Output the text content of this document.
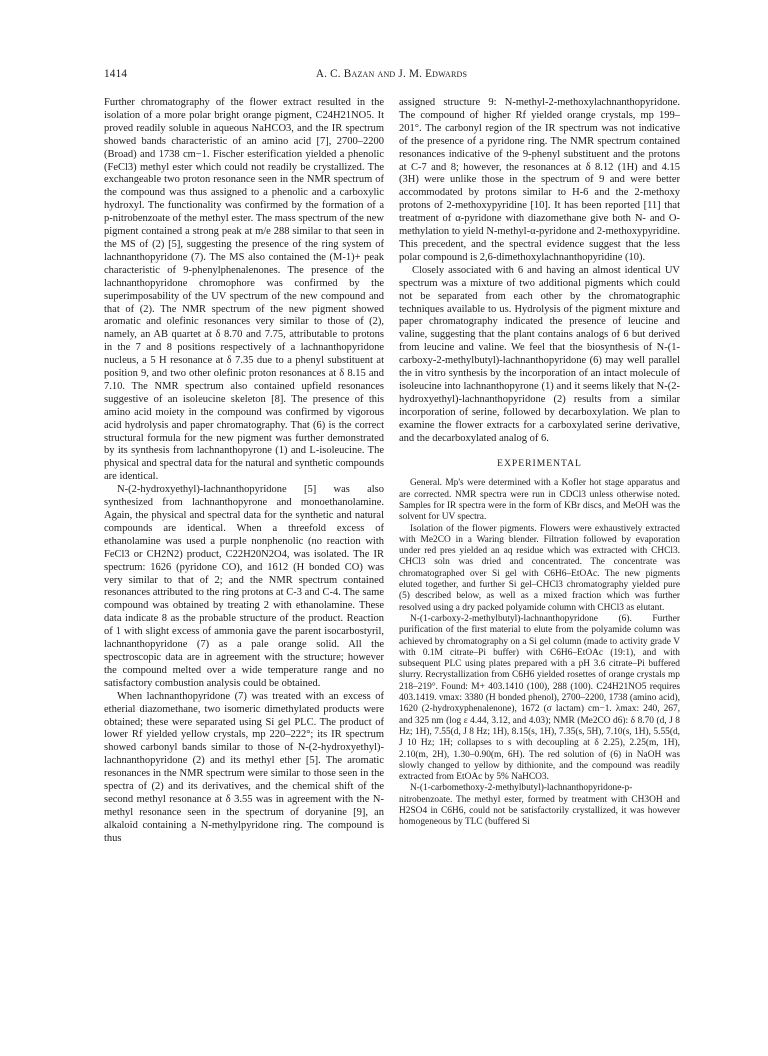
1414	A. C. Bazan and J. M. Edwards

Further chromatography of the flower extract resulted in the isolation of a more polar bright orange pigment, C24H21NO5. It proved readily soluble in aqueous NaHCO3, and the IR spectrum showed bands characteristic of an amino acid [7], 2700–2200 (Broad) and 1738 cm−1. Fischer esterification yielded a phenolic (FeCl3) methyl ester which could not readily be crystallized. The exchangeable two proton resonance seen in the NMR spectrum of the compound was thus assigned to a phenolic and a carboxylic hydroxyl. The functionality was confirmed by the formation of a p-nitrobenzoate of the methyl ester. The mass spectrum of the new pigment contained a strong peak at m/e 288 similar to that seen in the MS of (2) [5], suggesting the presence of the ring system of lachnanthopyridone (7). The MS also contained the (M-1)+ peak characteristic of 9-phenylphenalenones. The presence of the lachnanthopyridone chromophore was confirmed by the superimposability of the UV spectrum of the new compound and that of (2). The NMR spectrum of the new pigment showed aromatic and olefinic resonances very similar to those of (2), namely, an AB quartet at δ 8.70 and 7.75, attributable to protons in the 7 and 8 positions respectively of a lachnanthopyridone nucleus, a 5 H resonance at δ 7.35 due to a phenyl substituent at position 9, and two other olefinic proton resonances at δ 8.15 and 7.10. The NMR spectrum also contained upfield resonances suggestive of an isoleucine skeleton [8]. The presence of this amino acid moiety in the compound was confirmed by vigorous acid hydrolysis and paper chromatography. That (6) is the correct structural formula for the new pigment was further demonstrated by its synthesis from lachnanthopyrone (1) and L-isoleucine. The physical and spectral data for the natural and synthetic compounds are identical.

N-(2-hydroxyethyl)-lachnanthopyridone [5] was also synthesized from lachnanthopyrone and monoethanolamine. Again, the physical and spectral data for the synthetic and natural compounds are identical. When a threefold excess of ethanolamine was used a purple nonphenolic (no reaction with FeCl3 or CH2N2) product, C22H20N2O4, was isolated. The IR spectrum: 1626 (pyridone CO), and 1612 (H bonded CO) was very similar to that of 2; and the NMR spectrum contained resonances attributed to the ring protons at C-3 and C-4. The same compound was obtained by treating 2 with ethanolamine. These data indicate 8 as the probable structure of the product. Reaction of 1 with slight excess of ammonia gave the parent isocarbostyril, lachnanthopyridone (7) as a pale orange solid. All the spectroscopic data are in agreement with the structure; however the compound melted over a wide temperature range and no satisfactory combustion analysis could be obtained.

When lachnanthopyridone (7) was treated with an excess of etherial diazomethane, two isomeric dimethylated products were obtained; these were separated using Si gel PLC. The product of lower Rf yielded yellow crystals, mp 220–222°; its IR spectrum showed carbonyl bands similar to those of N-(2-hydroxyethyl)-lachnanthopyridone (2) and its methyl ether [5]. The aromatic resonances in the NMR spectrum were similar to those seen in the spectra of (2) and its derivatives, and the chemical shift of the second methyl resonance at δ 3.55 was in agreement with the N-methyl resonance seen in the spectrum of doryanine [9], an alkaloid containing a N-methylpyridone ring. The compound is thus

assigned structure 9: N-methyl-2-methoxylachnanthopyridone. The compound of higher Rf yielded orange crystals, mp 199–201°. The carbonyl region of the IR spectrum was not indicative of the presence of a pyridone ring. The NMR spectrum contained resonances indicative of the 9-phenyl substituent and the protons at C-7 and 8; however, the resonances at δ 8.12 (1H) and 4.15 (3H) were unlike those in the spectrum of 9 and were better accommodated by protons similar to H-6 and the 2-methoxy protons of 2-methoxypyridine [10]. It has been reported [11] that treatment of α-pyridone with diazomethane give both N- and O- methylation to yield N-methyl-α-pyridone and 2-methoxypyridine. This precedent, and the spectral evidence suggest that the less polar compound is 2,6-dimethoxylachnanthopyridine (10).

Closely associated with 6 and having an almost identical UV spectrum was a mixture of two additional pigments which could not be separated from each other by the chromatographic techniques available to us. Hydrolysis of the pigment mixture and paper chromatography indicated the presence of leucine and valine, suggesting that the plant contains analogs of 6 but derived from leucine and valine. We feel that the biosynthesis of N-(1-carboxy-2-methylbutyl)-lachnanthopyridone (6) may well parallel the in vitro synthesis by the incorporation of an intact molecule of isoleucine into lachnanthopyrone (1) and it seems likely that N-(2-hydroxyethyl)-lachnanthopyridone (2) results from a similar incorporation of serine, followed by decarboxylation. We plan to examine the flower extracts for a carboxylated serine derivative, and the decarboxylated analog of 6.

EXPERIMENTAL

General. Mp's were determined with a Kofler hot stage apparatus and are corrected. NMR spectra were run in CDCl3 unless otherwise noted. Samples for IR spectra were in the form of KBr discs, and MeOH was the solvent for UV spectra.

Isolation of the flower pigments. Flowers were exhaustively extracted with Me2CO in a Waring blender. Filtration followed by evaporation under red pres yielded an aq residue which was extracted with CHCl3. CHCl3 soln was dried and concentrated. The concentrate was chromatographed over Si gel with C6H6–EtOAc. The new pigments eluted together, and further Si gel–CHCl3 chromatography yielded pure (5) described below, as well as a mixed fraction which was further resolved using a dry packed polyamide column with CHCl3 as elutant.

N-(1-carboxy-2-methylbutyl)-lachnanthopyridone (6). Further purification of the first material to elute from the polyamide column was achieved by chromatography on a Si gel column (made to activity grade V with 0.1M citrate–Pi buffer) with C6H6–EtOAc (19:1), and with subsequent PLC using plates prepared with a pH 3.6 citrate–Pi buffered slurry. Recrystallization from C6H6 yielded rosettes of orange crystals mp 218–219°. Found: M+ 403.1410 (100), 288 (100). C24H21NO5 requires 403.1419. νmax: 3380 (H bonded phenol), 2700–2200, 1738 (amino acid), 1620 (2-hydroxyphenalenone), 1672 (σ lactam) cm−1. λmax: 240, 267, and 325 nm (log ε 4.44, 3.12, and 4.03); NMR (Me2CO d6): δ 8.70 (d, J 8 Hz; 1H), 7.55(d, J 8 Hz; 1H), 8.15(s, 1H), 7.35(s, 5H), 7.10(s, 1H), 5.55(d, J 10 Hz; 1H; collapses to s with decoupling at δ 2.25), 2.25(m, 1H), 2.10(m, 2H), 1.30–0.90(m, 6H). The red solution of (6) in NaOH was slowly changed to yellow by dithionite, and the compound was readily extracted from EtOAc by 5% NaHCO3.

N-(1-carbomethoxy-2-methylbutyl)-lachnanthopyridone-p-nitrobenzoate. The methyl ester, formed by treatment with CH3OH and H2SO4 in C6H6, could not be satisfactorily crystallized, it was however homogeneous by TLC (buffered Si
